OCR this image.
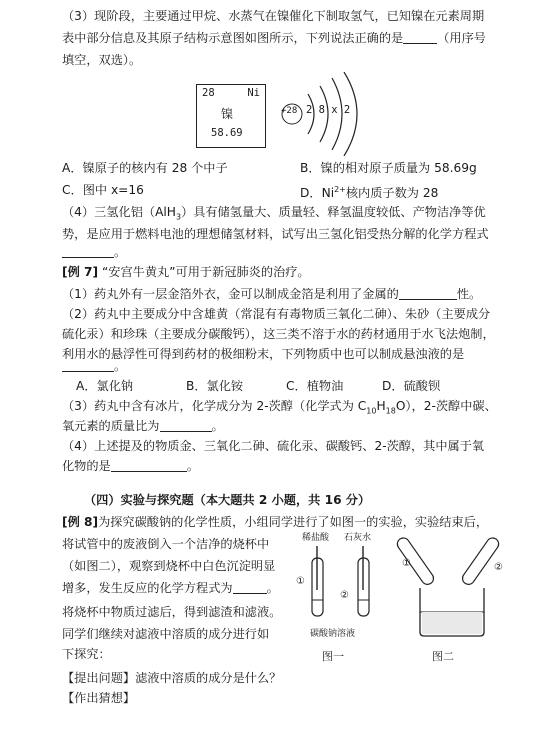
（3）现阶段，主要通过甲烷、水蒸气在镍催化下制取氢气，已知镍在元素周期
表中部分信息及其原子结构示意图如图所示，下列说法正确的是	（用序号
填空，双选）。
28	Ni
镍
58.69
+28 2 8 x 2
A．镍原子的核内有 28 个中子	B．镍的相对原子质量为 58.69g
C．图中 x=16	D．$Ni^{2+}$核内质子数为 28
（4）三氢化铝（AlH$_3$）具有储氢量大、质量轻、释氢温度较低、产物洁净等优
势，是应用于燃料电池的理想储氢材料，试写出三氢化铝受热分解的化学方程式
。
[例 7] “安宫牛黄丸”可用于新冠肺炎的治疗。
（1）药丸外有一层金箔外衣，金可以制成金箔是利用了金属的	性。
（2）药丸中主要成分中含雄黄（常混有有毒物质三氧化二砷）、朱砂（主要成分
硫化汞）和珍珠（主要成分碳酸钙），这三类不溶于水的药材通用于水飞法炮制，
利用水的悬浮性可得到药材的极细粉末，下列物质中也可以制成悬浊液的是
。
A．氯化钠	B．氯化铵	C．植物油	D．硫酸钡
（3）药丸中含有冰片，化学成分为 2-茨醇（化学式为 $C_{10}H_{18}O$），2-茨醇中碳、
氧元素的质量比为	。
（4）上述提及的物质金、三氧化二砷、硫化汞、碳酸钙、2-茨醇，其中属于氧
化物的是	。
（四）实验与探究题（本大题共 2 小题，共 16 分）
[例 8]为探究碳酸钠的化学性质，小组同学进行了如图一的实验，实验结束后，
将试管中的废液倒入一个洁净的烧杯中
（如图二），观察到烧杯中白色沉淀明显
增多，发生反应的化学方程式为	。
将烧杯中物质过滤后，得到滤渣和滤液。
同学们继续对滤液中溶质的成分进行如
下探究：
【提出问题】滤液中溶质的成分是什么？
【作出猜想】
稀盐酸 石灰水
①
②
碳酸钠溶液
图一
①	②
图二
